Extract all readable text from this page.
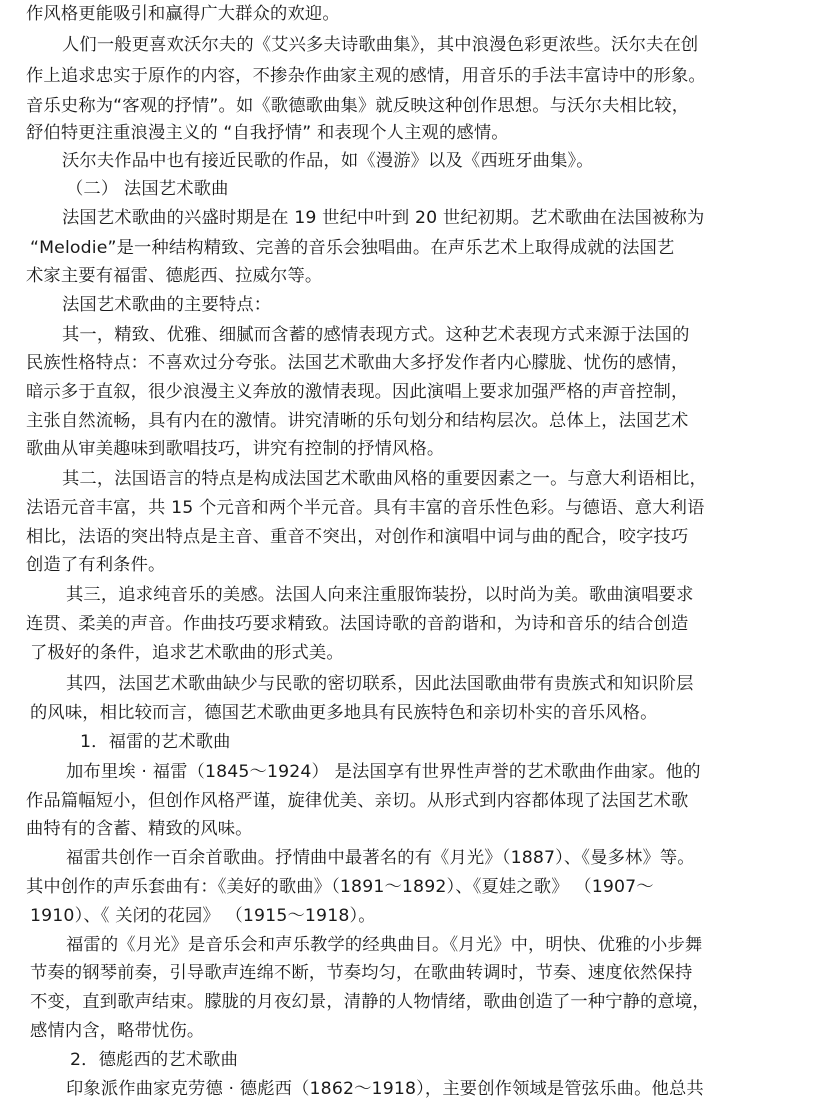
作风格更能吸引和赢得广大群众的欢迎。
人们一般更喜欢沃尔夫的《艾兴多夫诗歌曲集》，其中浪漫色彩更浓些。沃尔夫在创
作上追求忠实于原作的内容，不掺杂作曲家主观的感情，用音乐的手法丰富诗中的形象。
音乐史称为“客观的抒情”。如《歌德歌曲集》就反映这种创作思想。与沃尔夫相比较，
舒伯特更注重浪漫主义的 “自我抒情” 和表现个人主观的感情。
沃尔夫作品中也有接近民歌的作品，如《漫游》以及《西班牙曲集》。
（二） 法国艺术歌曲
法国艺术歌曲的兴盛时期是在 19 世纪中叶到 20 世纪初期。艺术歌曲在法国被称为
“Melodie”是一种结构精致、完善的音乐会独唱曲。在声乐艺术上取得成就的法国艺
术家主要有福雷、德彪西、拉威尔等。
法国艺术歌曲的主要特点：
其一，精致、优雅、细腻而含蓄的感情表现方式。这种艺术表现方式来源于法国的
民族性格特点：不喜欢过分夸张。法国艺术歌曲大多抒发作者内心朦胧、忧伤的感情，
暗示多于直叙，很少浪漫主义奔放的激情表现。因此演唱上要求加强严格的声音控制，
主张自然流畅，具有内在的激情。讲究清晰的乐句划分和结构层次。总体上，法国艺术
歌曲从审美趣味到歌唱技巧，讲究有控制的抒情风格。
其二，法国语言的特点是构成法国艺术歌曲风格的重要因素之一。与意大利语相比，
法语元音丰富，共 15 个元音和两个半元音。具有丰富的音乐性色彩。与德语、意大利语
相比，法语的突出特点是主音、重音不突出，对创作和演唱中词与曲的配合，咬字技巧
创造了有利条件。
其三，追求纯音乐的美感。法国人向来注重服饰装扮，以时尚为美。歌曲演唱要求
连贯、柔美的声音。作曲技巧要求精致。法国诗歌的音韵谐和，为诗和音乐的结合创造
了极好的条件，追求艺术歌曲的形式美。
其四，法国艺术歌曲缺少与民歌的密切联系，因此法国歌曲带有贵族式和知识阶层
的风味，相比较而言，德国艺术歌曲更多地具有民族特色和亲切朴实的音乐风格。
1．福雷的艺术歌曲
加布里埃 · 福雷（1845～1924） 是法国享有世界性声誉的艺术歌曲作曲家。他的
作品篇幅短小，但创作风格严谨，旋律优美、亲切。从形式到内容都体现了法国艺术歌
曲特有的含蓄、精致的风味。
福雷共创作一百余首歌曲。抒情曲中最著名的有《月光》（1887）、《曼多林》等。
其中创作的声乐套曲有：《美好的歌曲》（1891～1892）、《夏娃之歌》 （1907～
1910）、《 关闭的花园》 （1915～1918）。
福雷的《月光》是音乐会和声乐教学的经典曲目。《月光》中，明快、优雅的小步舞
节奏的钢琴前奏，引导歌声连绵不断，节奏均匀，在歌曲转调时，节奏、速度依然保持
不变，直到歌声结束。朦胧的月夜幻景，清静的人物情绪，歌曲创造了一种宁静的意境，
感情内含，略带忧伤。
2．德彪西的艺术歌曲
印象派作曲家克劳德 · 德彪西（1862～1918），主要创作领域是管弦乐曲。他总共
